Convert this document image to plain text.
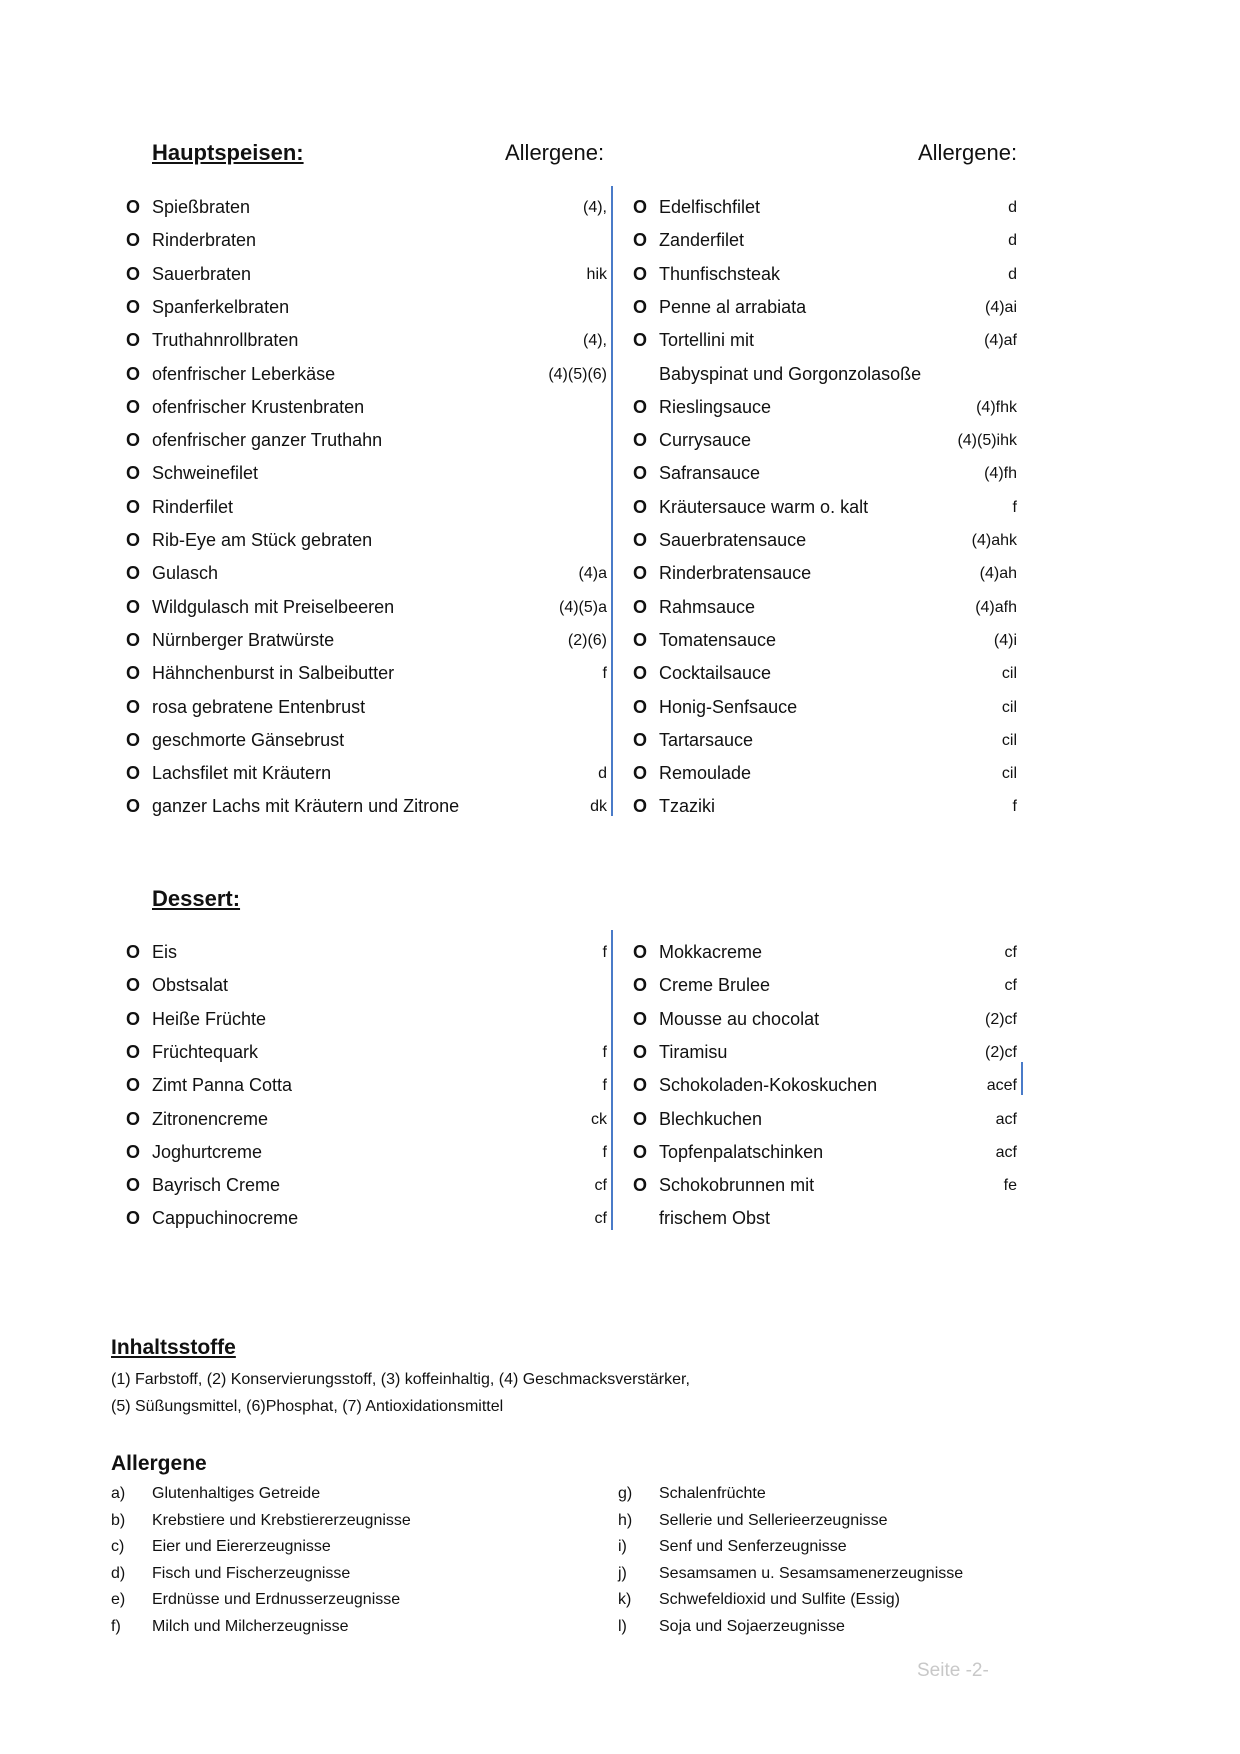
Hauptspeisen:	Allergene:	Allergene:
O Spießbraten	(4),
O Rinderbraten
O Sauerbraten	hik
O Spanferkelbraten
O Truthahnrollbraten	(4),
O ofenfrischer Leberkäse	(4)(5)(6)
O ofenfrischer Krustenbraten
O ofenfrischer ganzer Truthahn
O Schweinefilet
O Rinderfilet
O Rib-Eye am Stück gebraten
O Gulasch	(4)a
O Wildgulasch mit Preiselbeeren	(4)(5)a
O Nürnberger Bratwürste	(2)(6)
O Hähnchenburst in Salbeibutter	f
O rosa gebratene Entenbrust
O geschmorte Gänsebrust
O Lachsfilet mit Kräutern	d
O ganzer Lachs mit Kräutern und Zitrone	dk
O Edelfischfilet	d
O Zanderfilet	d
O Thunfischsteak	d
O Penne al arrabiata	(4)ai
O Tortellini mit	(4)af
Babyspinat und Gorgonzolasoße
O Rieslingsauce	(4)fhk
O Currysauce	(4)(5)ihk
O Safransauce	(4)fh
O Kräutersauce warm o. kalt	f
O Sauerbratensauce	(4)ahk
O Rinderbratensauce	(4)ah
O Rahmsauce	(4)afh
O Tomatensauce	(4)i
O Cocktailsauce	cil
O Honig-Senfsauce	cil
O Tartarsauce	cil
O Remoulade	cil
O Tzaziki	f
Dessert:
O Eis	f
O Obstsalat
O Heiße Früchte
O Früchtequark	f
O Zimt Panna Cotta	f
O Zitronencreme	ck
O Joghurtcreme	f
O Bayrisch Creme	cf
O Cappuchinocreme	cf
O Mokkacreme	cf
O Creme Brulee	cf
O Mousse au chocolat	(2)cf
O Tiramisu	(2)cf
O Schokoladen-Kokoskuchen	acef
O Blechkuchen	acf
O Topfenpalatschinken	acf
O Schokobrunnen mit	fe
frischem Obst
Inhaltsstoffe
(1) Farbstoff, (2) Konservierungsstoff, (3) koffeinhaltig, (4) Geschmacksverstärker,
(5) Süßungsmittel, (6)Phosphat, (7) Antioxidationsmittel
Allergene
a) Glutenhaltiges Getreide
b) Krebstiere und Krebstiererzeugnisse
c) Eier und Eiererzeugnisse
d) Fisch und Fischerzeugnisse
e) Erdnüsse und Erdnusserzeugnisse
f) Milch und Milcherzeugnisse
g) Schalenfrüchte
h) Sellerie und Sellerieerzeugnisse
i) Senf und Senferzeugnisse
j) Sesamsamen u. Sesamsamenerzeugnisse
k) Schwefeldioxid und Sulfite (Essig)
l) Soja und Sojaerzeugnisse
Seite -2-
